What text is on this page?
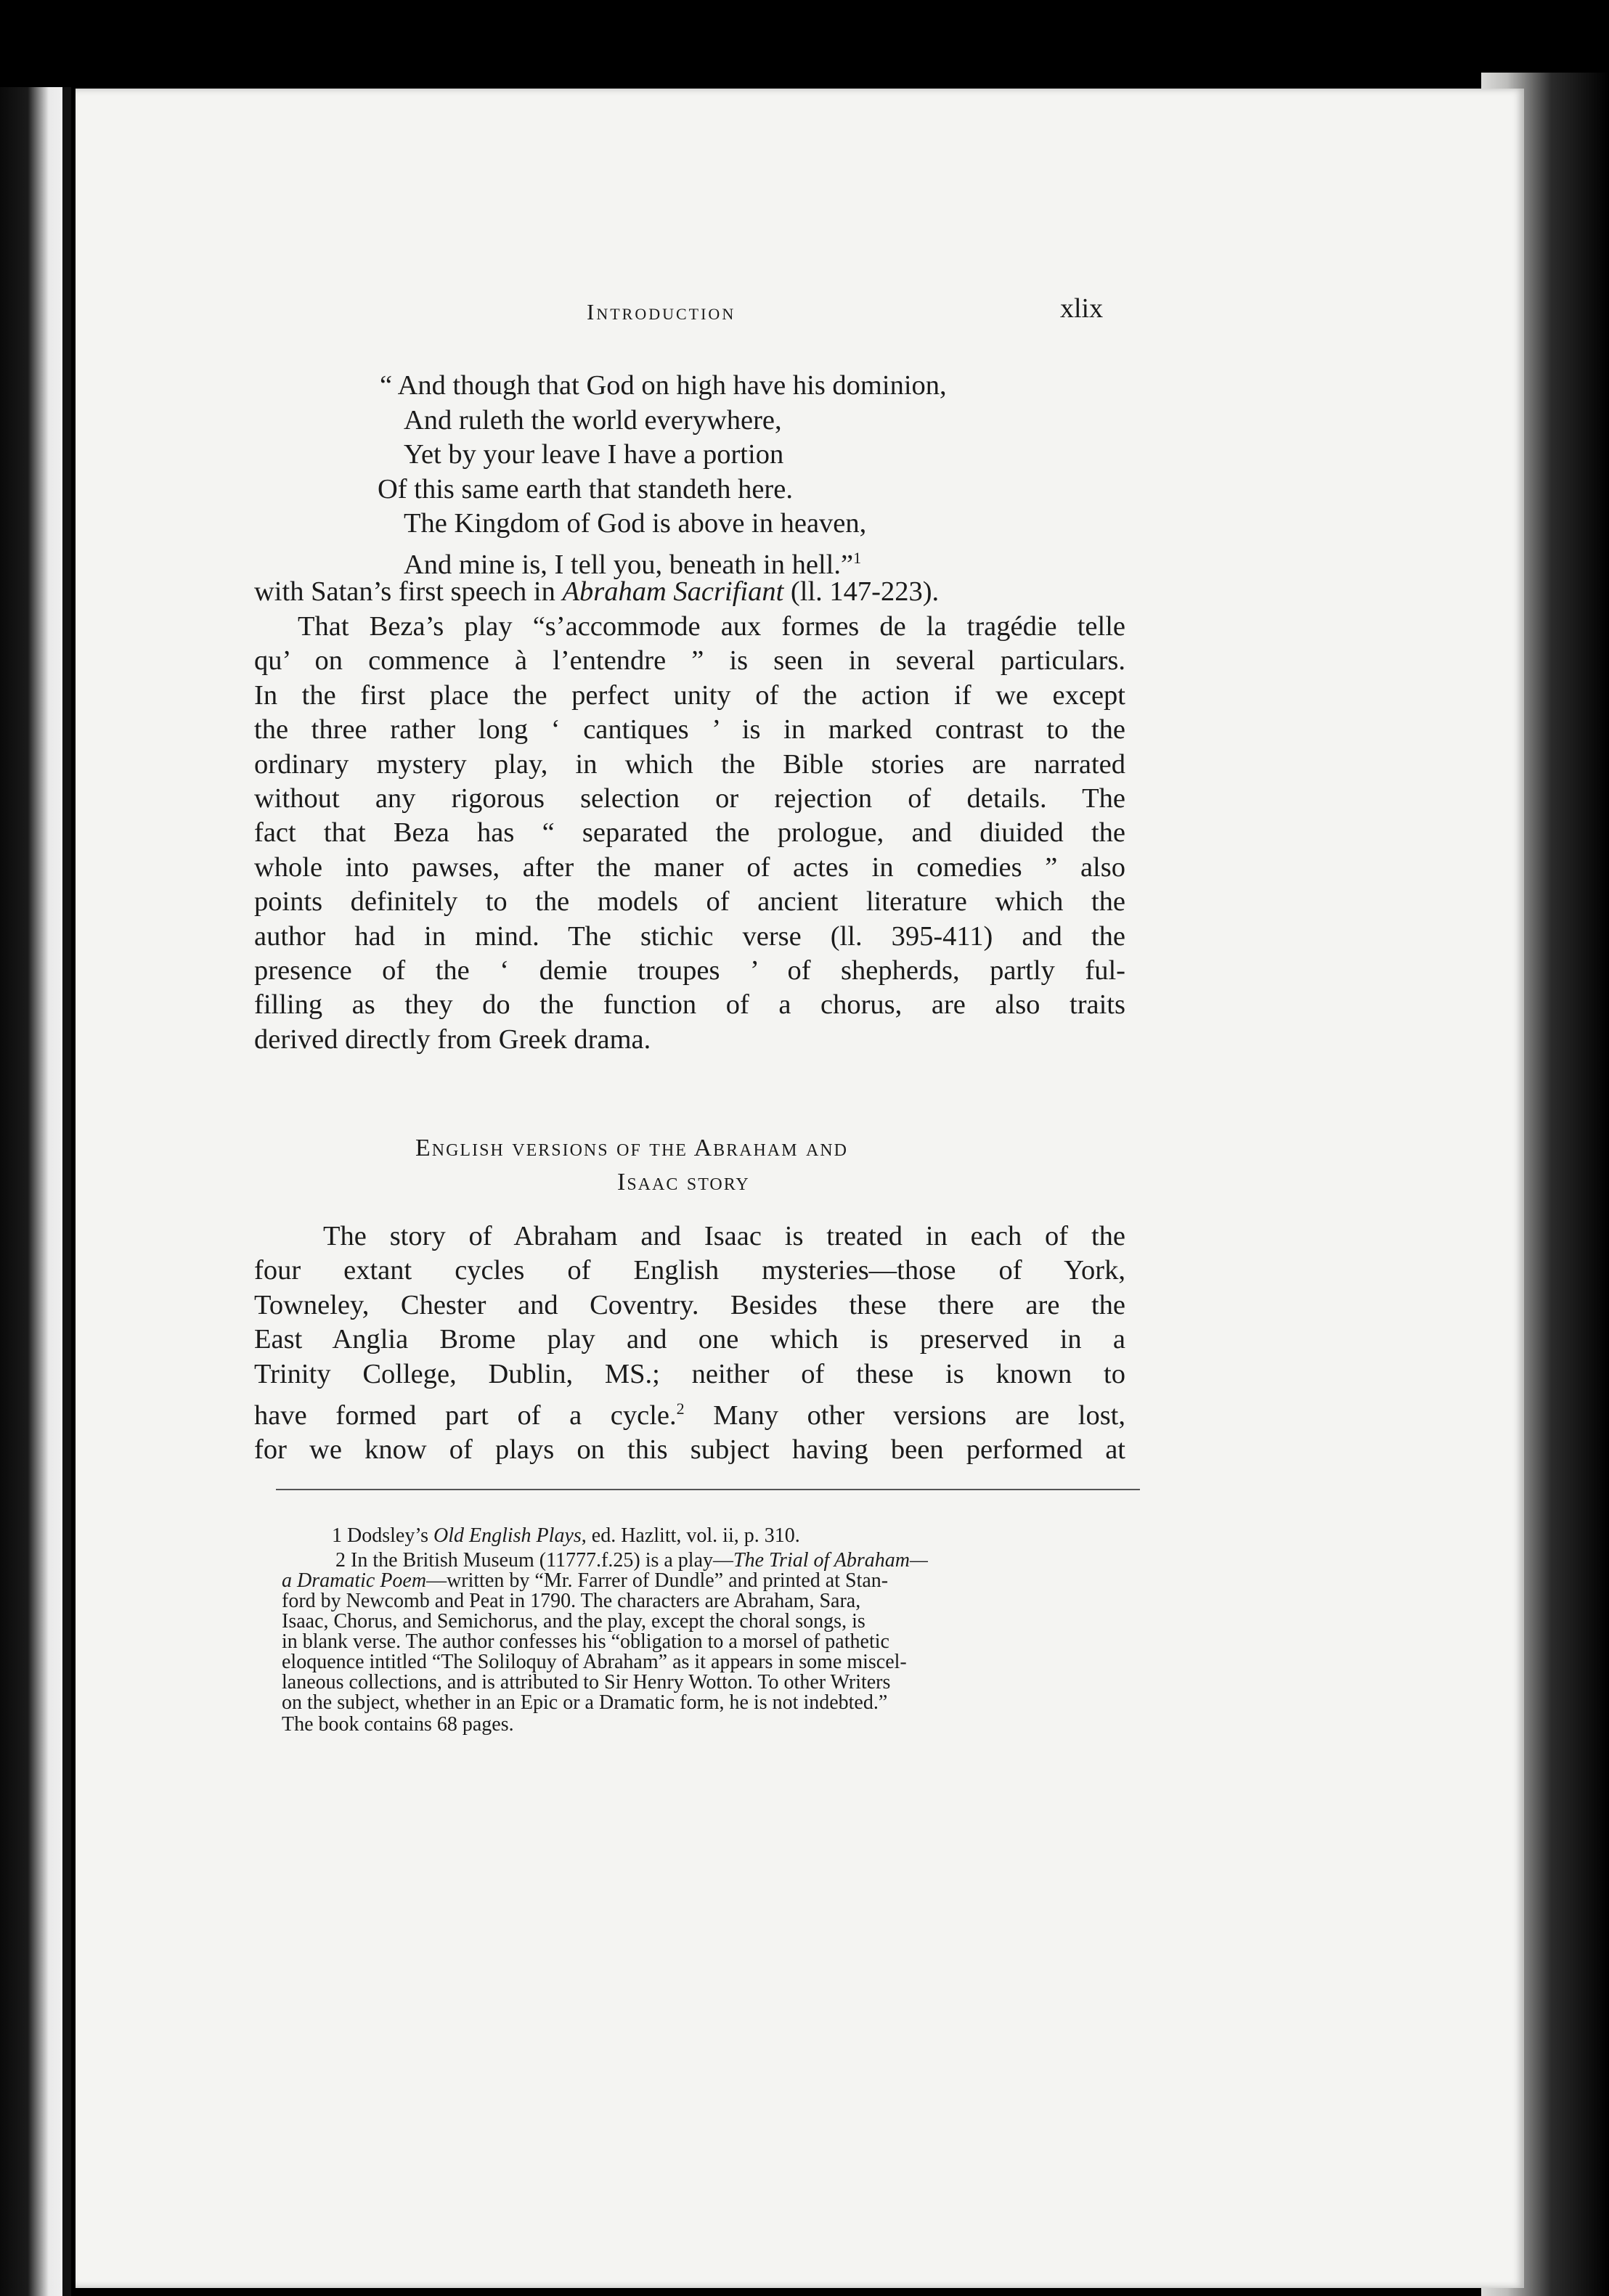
Introduction	xlix
“ And though that God on high have his dominion,
And ruleth the world everywhere,
Yet by your leave I have a portion
Of this same earth that standeth here.
The Kingdom of God is above in heaven,
And mine is, I tell you, beneath in hell.”$^1$
with Satan’s first speech in Abraham Sacrifiant (ll. 147-223).
That Beza’s play “s’accommode aux formes de la tragédie telle
qu’ on commence à l’entendre ” is seen in several particulars.
In the first place the perfect unity of the action if we except
the three rather long ‘ cantiques ’ is in marked contrast to the
ordinary mystery play, in which the Bible stories are narrated
without any rigorous selection or rejection of details. The
fact that Beza has “ separated the prologue, and diuided the
whole into pawses, after the maner of actes in comedies ” also
points definitely to the models of ancient literature which the
author had in mind. The stichic verse (ll. 395-411) and the
presence of the ‘ demie troupes ’ of shepherds, partly ful-
filling as they do the function of a chorus, are also traits
derived directly from Greek drama.
English versions of the Abraham and
Isaac story
The story of Abraham and Isaac is treated in each of the
four extant cycles of English mysteries—those of York,
Towneley, Chester and Coventry. Besides these there are the
East Anglia Brome play and one which is preserved in a
Trinity College, Dublin, MS.; neither of these is known to
have formed part of a cycle.$^2$ Many other versions are lost,
for we know of plays on this subject having been performed at
1 Dodsley’s Old English Plays, ed. Hazlitt, vol. ii, p. 310.
2 In the British Museum (11777.f.25) is a play—The Trial of Abraham—
a Dramatic Poem—written by “Mr. Farrer of Dundle” and printed at Stan-
ford by Newcomb and Peat in 1790. The characters are Abraham, Sara,
Isaac, Chorus, and Semichorus, and the play, except the choral songs, is
in blank verse. The author confesses his “obligation to a morsel of pathetic
eloquence intitled “The Soliloquy of Abraham” as it appears in some miscel-
laneous collections, and is attributed to Sir Henry Wotton. To other Writers
on the subject, whether in an Epic or a Dramatic form, he is not indebted.”
The book contains 68 pages.
